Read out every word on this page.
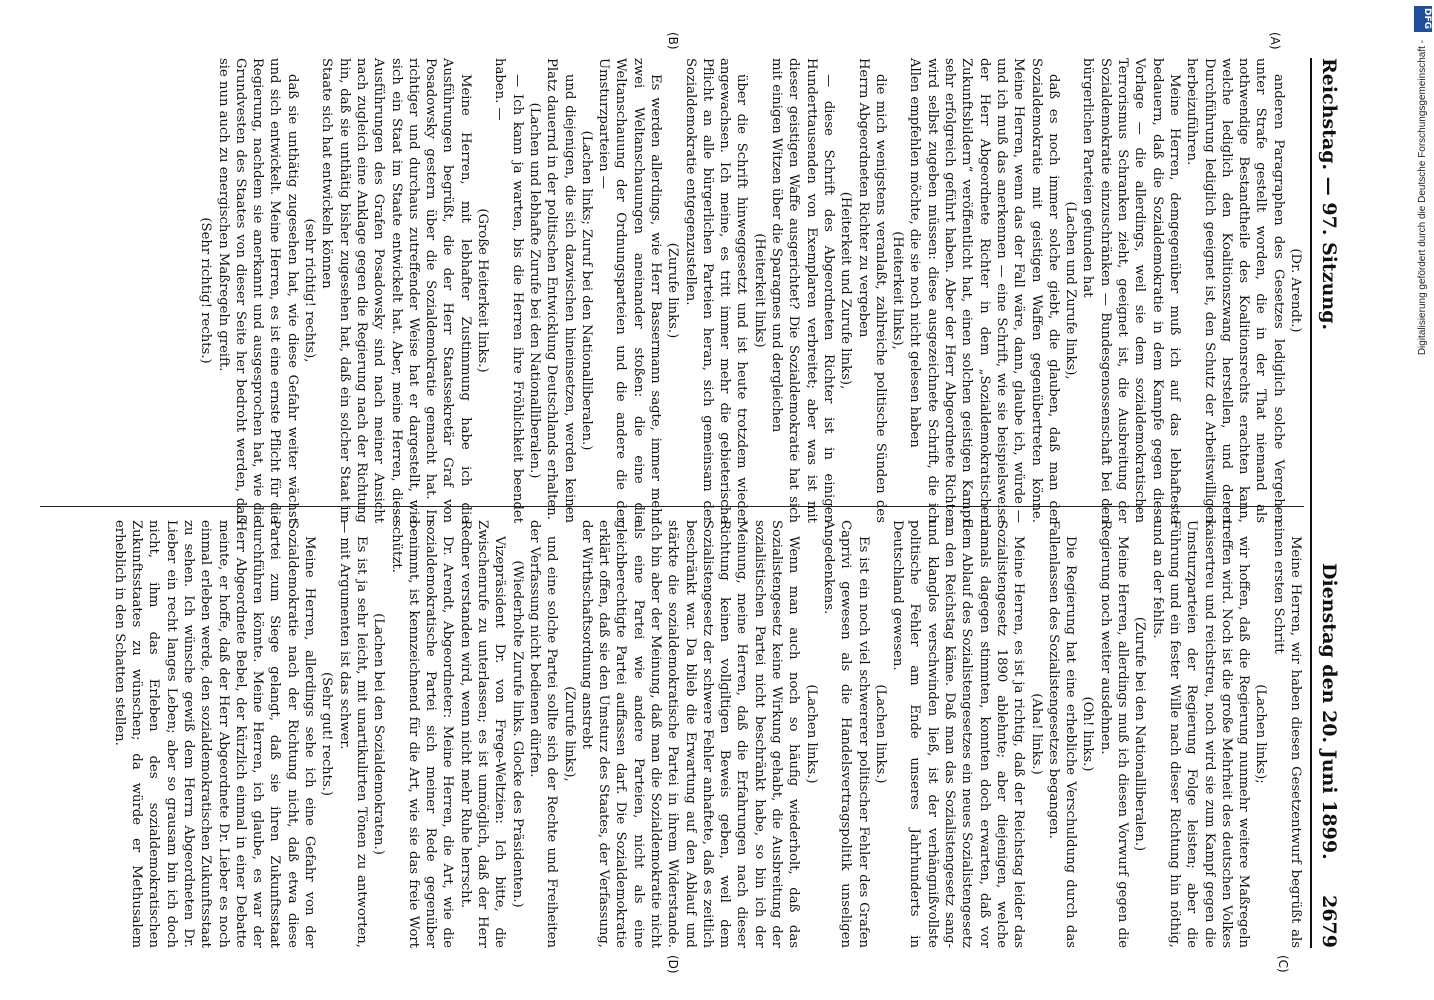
Reichstag. — 97. Sitzung.
Dienstag den 20. Juni 1899.
2679
(A)
(B)
(C)
(D)

(Dr. Arendt.)

anderen Paragraphen des Gesetzes lediglich solche Vergehen unter Strafe gestellt worden, die in der That niemand als nothwendige Bestandtheile des Koalitionsrechts erachten kann, welche lediglich den Koalitionszwang herstellen, und deren Durchführung lediglich geeignet ist, den Schutz der Arbeitswilligen herbeizuführen.

Meine Herren, demgegenüber muß ich auf das lebhafteste bedauern, daß die Sozialdemokratie in dem Kampfe gegen diese Vorlage — die allerdings, weil sie dem sozialdemokratischen Terrorismus Schranken zieht, geeignet ist, die Ausbreitung der Sozialdemokratie einzuschränken — Bundesgenossenschaft bei den bürgerlichen Parteien gefunden hat

(Lachen und Zurufe links),

daß es noch immer solche giebt, die glauben, daß man der Sozialdemokratie mit geistigen Waffen gegenübertreten könne. Meine Herren, wenn das der Fall wäre, dann, glaube ich, würde — und ich muß das anerkennen — eine Schrift, wie sie beispielsweise der Herr Abgeordnete Richter in dem „Sozialdemokratischen Zukunftsbildern“ veröffentlicht hat, einen solchen geistigen Kampf sehr erfolgreich geführt haben. Aber der Herr Abgeordnete Richter wird selbst zugeben müssen: diese ausgezeichnete Schrift, die ich Allen empfehlen möchte, die sie noch nicht gelesen haben

(Heiterkeit links),

die mich wenigstens veranlaßt, zahlreiche politische Sünden des Herrn Abgeordneten Richter zu vergeben

(Heiterkeit und Zurufe links),

— diese Schrift des Abgeordneten Richter ist in einigen Hunderttausenden von Exemplaren verbreitet; aber was ist mit dieser geistigen Waffe ausgerichtet? Die Sozialdemokratie hat sich mit einigen Witzen über die Sparagnes und dergleichen

(Heiterkeit links)

über die Schrift hinweggesetzt und ist heute trotzdem wieder angewachsen. Ich meine, es tritt immer mehr die gebieterische Pflicht an alle bürgerlichen Parteien heran, sich gemeinsam der Sozialdemokratie entgegenzustellen.

(Zurufe links.)

Es werden allerdings, wie Herr Bassermann sagte, immer mehr zwei Weltanschauungen aneinander stoßen: die eine die Weltanschauung der Ordnungsparteien und die andere die der Umsturzparteien —

(Lachen links; Zuruf bei den Nationalliberalen.)

und diejenigen, die sich dazwischen hineinsetzen, werden keinen Platz dauernd in der politischen Entwicklung Deutschlands erhalten.

(Lachen und lebhafte Zurufe bei den Nationalliberalen.)

— Ich kann ja warten, bis die Herren ihre Fröhlichkeit beendet haben. —

(Große Heiterkeit links.)

Meine Herren, mit lebhafter Zustimmung habe ich die Ausführungen begrüßt, die der Herr Staatssekretär Graf von Posadowsky gestern über die Sozialdemokratie gemacht hat. In richtiger und durchaus zutreffender Weise hat er dargestellt, wie sich ein Staat im Staate entwickelt hat. Aber, meine Herren, diese Ausführungen des Grafen Posadowsky sind nach meiner Ansicht nach zugleich eine Anklage gegen die Regierung nach der Richtung hin, daß sie unthätig bisher zugesehen hat, daß ein solcher Staat im Staate sich hat entwickeln können

(sehr richtig! rechts),

daß sie unthätig zugesehen hat, wie diese Gefahr weiter wächst und sich entwickelt. Meine Herren, es ist eine ernste Pflicht für die Regierung, nachdem sie anerkannt und ausgesprochen hat, wie die Grundvesten des Staates von dieser Seite her bedroht werden, daß sie nun auch zu energischen Maßregeln greift.

(Sehr richtig! rechts.)

Meine Herren, wir haben diesen Gesetzentwurf begrüßt als einen ersten Schritt

(Lachen links);

wir hoffen, daß die Regierung nunmehr weitere Maßregeln treffen wird. Noch ist die große Mehrheit des deutschen Volkes kaisertreu und reichstreu, noch wird sie zum Kampf gegen die Umsturzparteien der Regierung Folge leisten; aber die Führung und ein fester Wille nach dieser Richtung hin nöthig, und an der fehlts.

(Zurufe bei den Nationalliberalen.)

Meine Herren, allerdings muß ich diesen Vorwurf gegen die Regierung noch weiter ausdehnen.

(Oh! links.)

Die Regierung hat eine erhebliche Verschuldung durch das Fallenlassen des Sozialistengesetzes begangen.

(Aha! links.)

Meine Herren, es ist ja richtig, daß der Reichstag leider das Sozialistengesetz 1890 ablehnte; aber diejenigen, welche damals dagegen stimmten, konnten doch erwarten, daß vor dem Ablauf des Sozialistengesetzes ein neues Sozialistengesetz an den Reichstag käme. Daß man das Sozialistengesetz sang- und klanglos verschwinden ließ, ist der verhängnißvollste politische Fehler am Ende unseres Jahrhunderts in Deutschland gewesen.

(Lachen links.)

Es ist ein noch viel schwererer politischer Fehler des Grafen Caprivi gewesen als die Handelsvertragspolitik unseligen Angedenkens.

(Lachen links.)

Wenn man auch noch so häufig wiederholt, daß das Sozialistengesetz keine Wirkung gehabt, die Ausbreitung der sozialistischen Partei nicht beschränkt habe, so bin ich der Meinung, meine Herren, daß die Erfahrungen nach dieser Richtung keinen vollgiltigen Beweis geben, weil dem Sozialistengesetz der schwere Fehler anhaftete, daß es zeitlich beschränkt war. Da blieb die Erwartung auf den Ablauf und stärkte die sozialdemokratische Partei in ihrem Widerstande. Ich bin aber der Meinung, daß man die Sozialdemokratie nicht als eine Partei wie andere Parteien, nicht als eine gleichberechtigte Partei auffassen darf. Die Sozialdemokratie erklärt offen, daß sie den Umsturz des Staates, der Verfassung, der Wirthschaftsordnung anstrebt

(Zurufe links),

und eine solche Partei sollte sich der Rechte und Freiheiten der Verfassung nicht bedienen dürfen.

(Wiederholte Zurufe links. Glocke des Präsidenten.)

Vizepräsident Dr. von Frege-Weltzien: Ich bitte, die Zwischenrufe zu unterlassen; es ist unmöglich, daß der Herr Redner verstanden wird, wenn nicht mehr Ruhe herrscht.

Dr. Arendt, Abgeordneter: Meine Herren, die Art, wie die sozialdemokratische Partei sich meiner Rede gegenüber benimmt, ist kennzeichnend für die Art, wie sie das freie Wort schützt.

(Lachen bei den Sozialdemokraten.)

Es ist ja sehr leicht, mit unartikulirten Tönen zu antworten, — mit Argumenten ist das schwer.

(Sehr gut! rechts.)

Meine Herren, allerdings sehe ich eine Gefahr von der Sozialdemokratie nach der Richtung nicht, daß etwa diese Partei zum Siege gelangt, daß sie ihren Zukunftsstaat durchführen könnte. Meine Herren, ich glaube, es war der Herr Abgeordnete Bebel, der kürzlich einmal in einer Debatte meinte, er hoffe, daß der Herr Abgeordnete Dr. Lieber es noch einmal erleben werde, den sozialdemokratischen Zukunftsstaat zu sehen. Ich wünsche gewiß dem Herrn Abgeordneten Dr. Lieber ein recht langes Leben; aber so grausam bin ich doch nicht, ihm das Erleben des sozialdemokratischen Zukunftsstaates zu wünschen; da würde er Methusalem erheblich in den Schatten stellen.

DFG
Digitalisierung gefördert durch die Deutsche Forschungsgemeinschaft -
